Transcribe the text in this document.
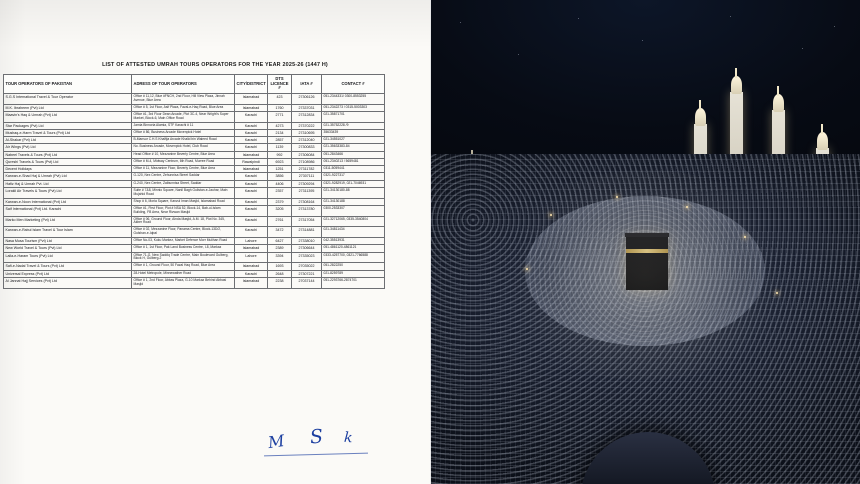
LIST OF ATTESTED UMRAH TOURS OPERATORS FOR THE YEAR 2025-26 (1447 H)
TOUR OPERATORS OF PAKISTAN	ADRESS OF TOUR OPERATORS	CITY/DISTRICT	DTS LICENCE #	IATA #	CONTACT #
S.G.S International Travel & Tour Operator	Office # 11,12, Blue #FNCH, 2nd Floor, Hill View Plaza, Jinnah Avenue, Blue Area	Islamabad	423	27306126	051-2344331/ 0300-8553255
M.K. Ibraheem (Pvt) Ltd	Office # 5, 1st Floor, Asif Plaza, Fazal-e-Haq Road, Blue Area	Islamabad	1760	27337031	051-2342273 / 0315-5003303
Maavin's Haq & Umrah (Pvt) Ltd	Office #1, 3rd Floor Dean Arcade, Plot 3C-4, Near Wright's Super Market, Block-6, Main Office Road	Karachi	2771	27312834	021-35871701
Star Packages (Pvt) Ltd	Jamia Binnoria Alamia, STF Karachi # 11	Karachi	4273	27370222	021-35752228 /9
Mushaq-e-Harm Travel & Tours (Pvt) Ltd	Office # 86, Business Arcade Movenpick Hotel	Karachi	2134	27310695	35633439
Al-Shakar (Pvt) Ltd	B-Mansur C.H.S Khalfija Arcade Khalid bin Waleed Road	Karachi	2857	27312040	021-34551027
Air Wings (Pvt) Ltd	No. Business Arcade, Movenpick Hotel, Club Road	Karachi	1139	27300833	021-35633383-84
Nabeel Travels & Tours (Pvt) Ltd	Head Office # 10, Mezzanine Beverly Centre, Blue Area	Islamabad	992	27306084	051-2843466
Qureshi Travels & Tours (Pvt) Ltd	Office # M-4, Midway Centrum, 6th Road, Murree Road	Rawalpindi	6923	27108986	051-2340213 / 5659481
Decent Holidays	Office # 11, Mezzanine Floor, Beverly Centre, Blue Area	Islamabad	1251	27311782	0311-5059441
Karwan-e-Shad Haj & Umrah (Pvt) Ltd	G-120, Nex Centre, Zehunnisa Street Saddar	Karachi	3856	27307111	0321-9227317
Hafiz Haj & Umrah Pvt. Ltd	G-240, Nex Centre, Zaibunnisa Street, Saddar	Karachi	4406	27309294	0321-9282919, 021-7046931
Lorakli Air Travels & Tours (Pvt) Ltd	Suite # 7&8, Minnio Square, Nanil Bagh Gulistan-e-Jauhar, Main Mujahid Road	Karachi	2357	27311395	021-34130180-88
Karwan-e-Noon International (Pvt) Ltd	Shop # 6, Moria Square, Kanzul Iman Masjid, Islamabad Road	Karachi	2379	27308164	021-34130188
Saif International (Pvt) Ltd. Karachi	Office #1, First Floor, Plot # NSA 52, Block-14, Bab-ul-Islam Building, FB Area, Near Rizwan Masjid	Karachi	3205	27313780	0300-2533307
Marko Men Marketing (Pvt) Ltd	Office # 06, Ground Floor, Ainda Masjid, A.M. 18, Plot No. 345, Akber Road	Karachi	2761	27317054	021-32712065, 0335-3540804
Karwan-e-Rabul Islam Travel & Tour Islam	Office # 02, Mezzanine Floor, Panama Centre, Block-13D/2, Gulshan-e-Iqbal	Karachi	3472	27314881	021-34811434
Nasa Musa Tourism (Pvt) Ltd	Office No-03, Kuku Markez, Market Defence Morr Mulihan Road	Lahore	6427	27338010	042-35513931
New World Travel & Tours (Pvt) Ltd	Office # 1, 1st Floor, Pak Land Business Centre, I-8, Markaz	Islamabad	2389	27306644	051-4861120-4861121
Laila-e-Haram Tours (Pvt) Ltd	Office 71-G, New Saddiq Trade Centre, Main Boulevard Gulberg, Block H, Gulberg-2	Lahore	3394	27335023	0333-4257700, 0321-7766588
Safi-e-Nadal Travel & Tours (Pvt) Ltd	Office # 1, Ground Floor, 50 Fazal Haq Road, Blue Area	Islamabad	1693	27035022	051-2822250
Universal Express (Pvt) Ltd	28-Hotel Metropole, Minnewather Road	Karachi	2648	27307221	021-8259789
Al Jannat Hajj Services (Pvt) Ltd	Office # 1, 2nd Floor, Abbas Plaza, G-10 Markaz Behind Abbasi Masjid	Islamabad	2238	27037144	051-2293766-2874701
M S k
